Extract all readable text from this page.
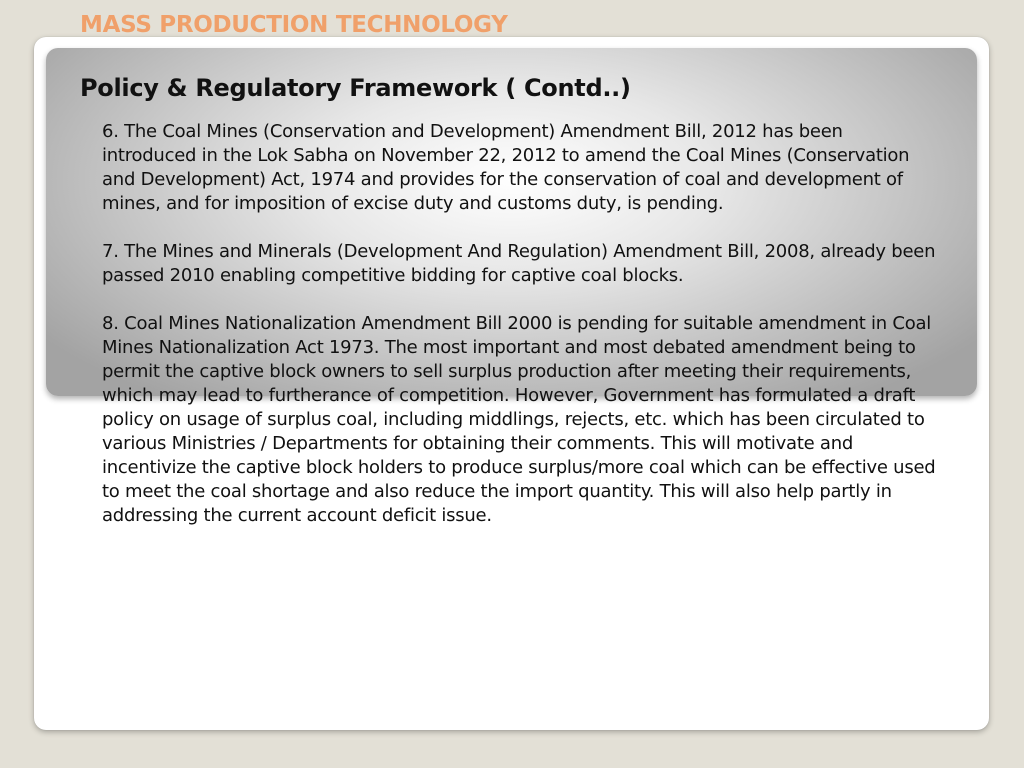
MASS PRODUCTION TECHNOLOGY
Policy & Regulatory Framework ( Contd..)

6. The Coal Mines (Conservation and Development) Amendment Bill, 2012 has been introduced in the Lok Sabha on November 22, 2012 to amend the Coal Mines (Conservation and Development) Act, 1974 and provides for the conservation of coal and development of mines, and for imposition of excise duty and customs duty, is pending.

7. The Mines and Minerals (Development And Regulation) Amendment Bill, 2008, already been passed 2010 enabling competitive bidding for captive coal blocks.

8. Coal Mines Nationalization Amendment Bill 2000 is pending for suitable amendment in Coal Mines Nationalization Act 1973. The most important and most debated amendment being to permit the captive block owners to sell surplus production after meeting their requirements, which may lead to furtherance of competition. However, Government has formulated a draft policy on usage of surplus coal, including middlings, rejects, etc. which has been circulated to various Ministries / Departments for obtaining their comments. This will motivate and incentivize the captive block holders to produce surplus/more coal which can be effective used to meet the coal shortage and also reduce the import quantity. This will also help partly in addressing the current account deficit issue.
